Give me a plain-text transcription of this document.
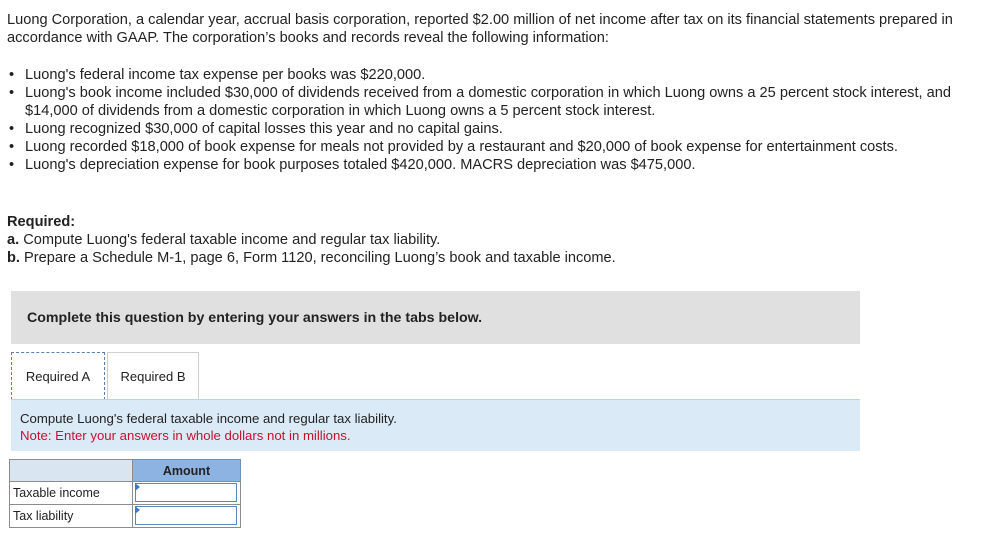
Luong Corporation, a calendar year, accrual basis corporation, reported $2.00 million of net income after tax on its financial statements prepared in accordance with GAAP. The corporation’s books and records reveal the following information:

• Luong's federal income tax expense per books was $220,000.
• Luong's book income included $30,000 of dividends received from a domestic corporation in which Luong owns a 25 percent stock interest, and $14,000 of dividends from a domestic corporation in which Luong owns a 5 percent stock interest.
• Luong recognized $30,000 of capital losses this year and no capital gains.
• Luong recorded $18,000 of book expense for meals not provided by a restaurant and $20,000 of book expense for entertainment costs.
• Luong's depreciation expense for book purposes totaled $420,000. MACRS depreciation was $475,000.
Required:
a. Compute Luong's federal taxable income and regular tax liability.
b. Prepare a Schedule M-1, page 6, Form 1120, reconciling Luong’s book and taxable income.
Complete this question by entering your answers in the tabs below.
Required A Required B
Compute Luong's federal taxable income and regular tax liability.
Note: Enter your answers in whole dollars not in millions.
	Amount
Taxable income	

Tax liability	
